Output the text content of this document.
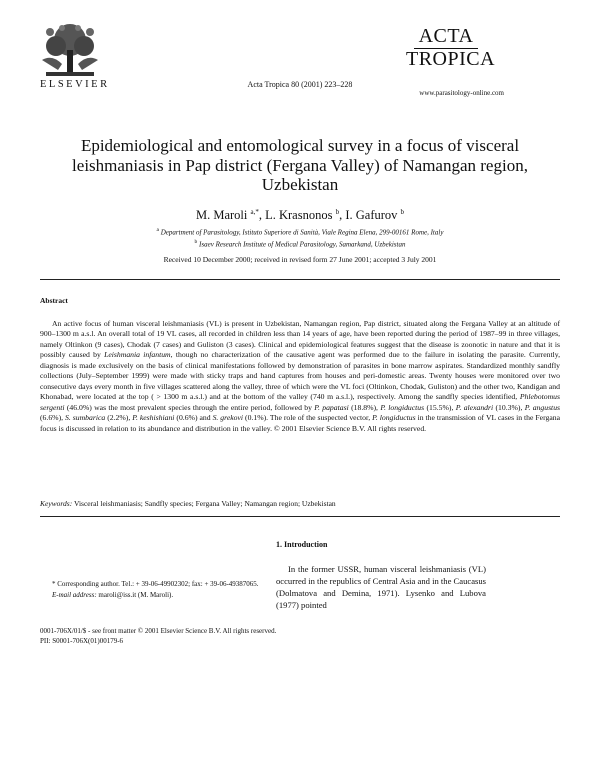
ELSEVIER	Acta Tropica 80 (2001) 223–228
ACTA
TROPICA
www.parasitology-online.com
Epidemiological and entomological survey in a focus of visceral leishmaniasis in Pap district (Fergana Valley) of Namangan region, Uzbekistan
M. Maroli $^{a,*}$, L. Krasnonos $^b$, I. Gafurov $^b$
$^a$ Department of Parasitology, Istituto Superiore di Sanità, Viale Regina Elena, 299-00161 Rome, Italy
$^b$ Isaev Research Institute of Medical Parasitology, Samarkand, Uzbekistan
Received 10 December 2000; received in revised form 27 June 2001; accepted 3 July 2001
Abstract
An active focus of human visceral leishmaniasis (VL) is present in Uzbekistan, Namangan region, Pap district, situated along the Fergana Valley at an altitude of 900–1300 m a.s.l. An overall total of 19 VL cases, all recorded in children less than 14 years of age, have been reported during the period of 1987–99 in three villages, namely Oltinkon (9 cases), Chodak (7 cases) and Guliston (3 cases). Clinical and epidemiological features suggest that the disease is zoonotic in nature and that it is possibly caused by Leishmania infantum, though no characterization of the causative agent was performed due to the failure in isolating the parasite. Currently, diagnosis is made exclusively on the basis of clinical manifestations followed by demonstration of parasites in bone marrow aspirates. Standardized monthly sandfly collections (July–September 1999) were made with sticky traps and hand captures from houses and peri-domestic areas. Twenty houses were monitored over two consecutive days every month in five villages scattered along the valley, three of which were the VL foci (Oltinkon, Chodak, Guliston) and the other two, Kandigan and Khonabad, were located at the top ( > 1300 m a.s.l.) and at the bottom of the valley (740 m a.s.l.), respectively. Among the sandfly species identified, Phlebotomus sergenti (46.0%) was the most prevalent species through the entire period, followed by P. papatasi (18.8%), P. longiductus (15.5%), P. alexandri (10.3%), P. angustus (6.6%), S. sumbarica (2.2%), P. keshishiani (0.6%) and S. grekovi (0.1%). The role of the suspected vector, P. longiductus in the transmission of VL cases in the Fergana focus is discussed in relation to its abundance and distribution in the valley. © 2001 Elsevier Science B.V. All rights reserved.
Keywords: Visceral leishmaniasis; Sandfly species; Fergana Valley; Namangan region; Uzbekistan
1. Introduction
In the former USSR, human visceral leishmaniasis (VL) occurred in the republics of Central Asia and in the Caucasus (Dolmatova and Demina, 1971). Lysenko and Lubova (1977) pointed
* Corresponding author. Tel.: + 39-06-49902302; fax: + 39-06-49387065.
E-mail address: maroli@iss.it (M. Maroli).
0001-706X/01/$ - see front matter © 2001 Elsevier Science B.V. All rights reserved.
PII: S0001-706X(01)00179-6
